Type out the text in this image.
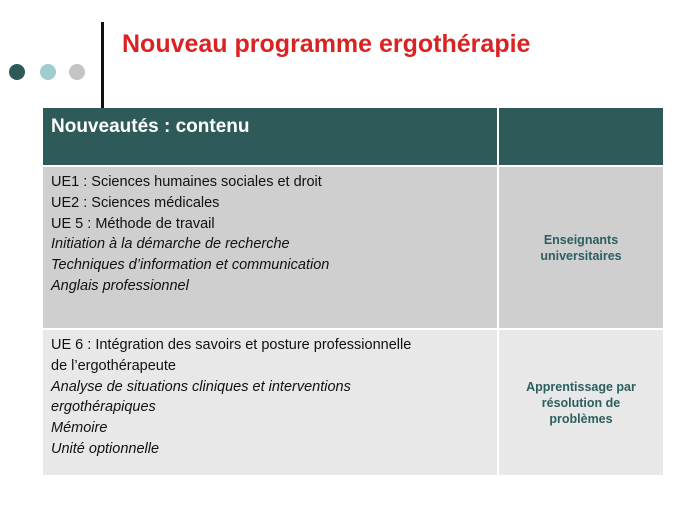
Nouveau programme ergothérapie
Nouveautés : contenu
UE1 : Sciences humaines sociales et droit
UE2 : Sciences médicales
UE 5 : Méthode de travail
Initiation à la démarche de recherche
Techniques d’information et communication
Anglais professionnel
Enseignants
universitaires
UE 6 : Intégration des savoirs et posture professionnelle
de l’ergothérapeute
Analyse de situations cliniques et interventions
ergothérapiques
Mémoire
Unité optionnelle
Apprentissage par
résolution de
problèmes
